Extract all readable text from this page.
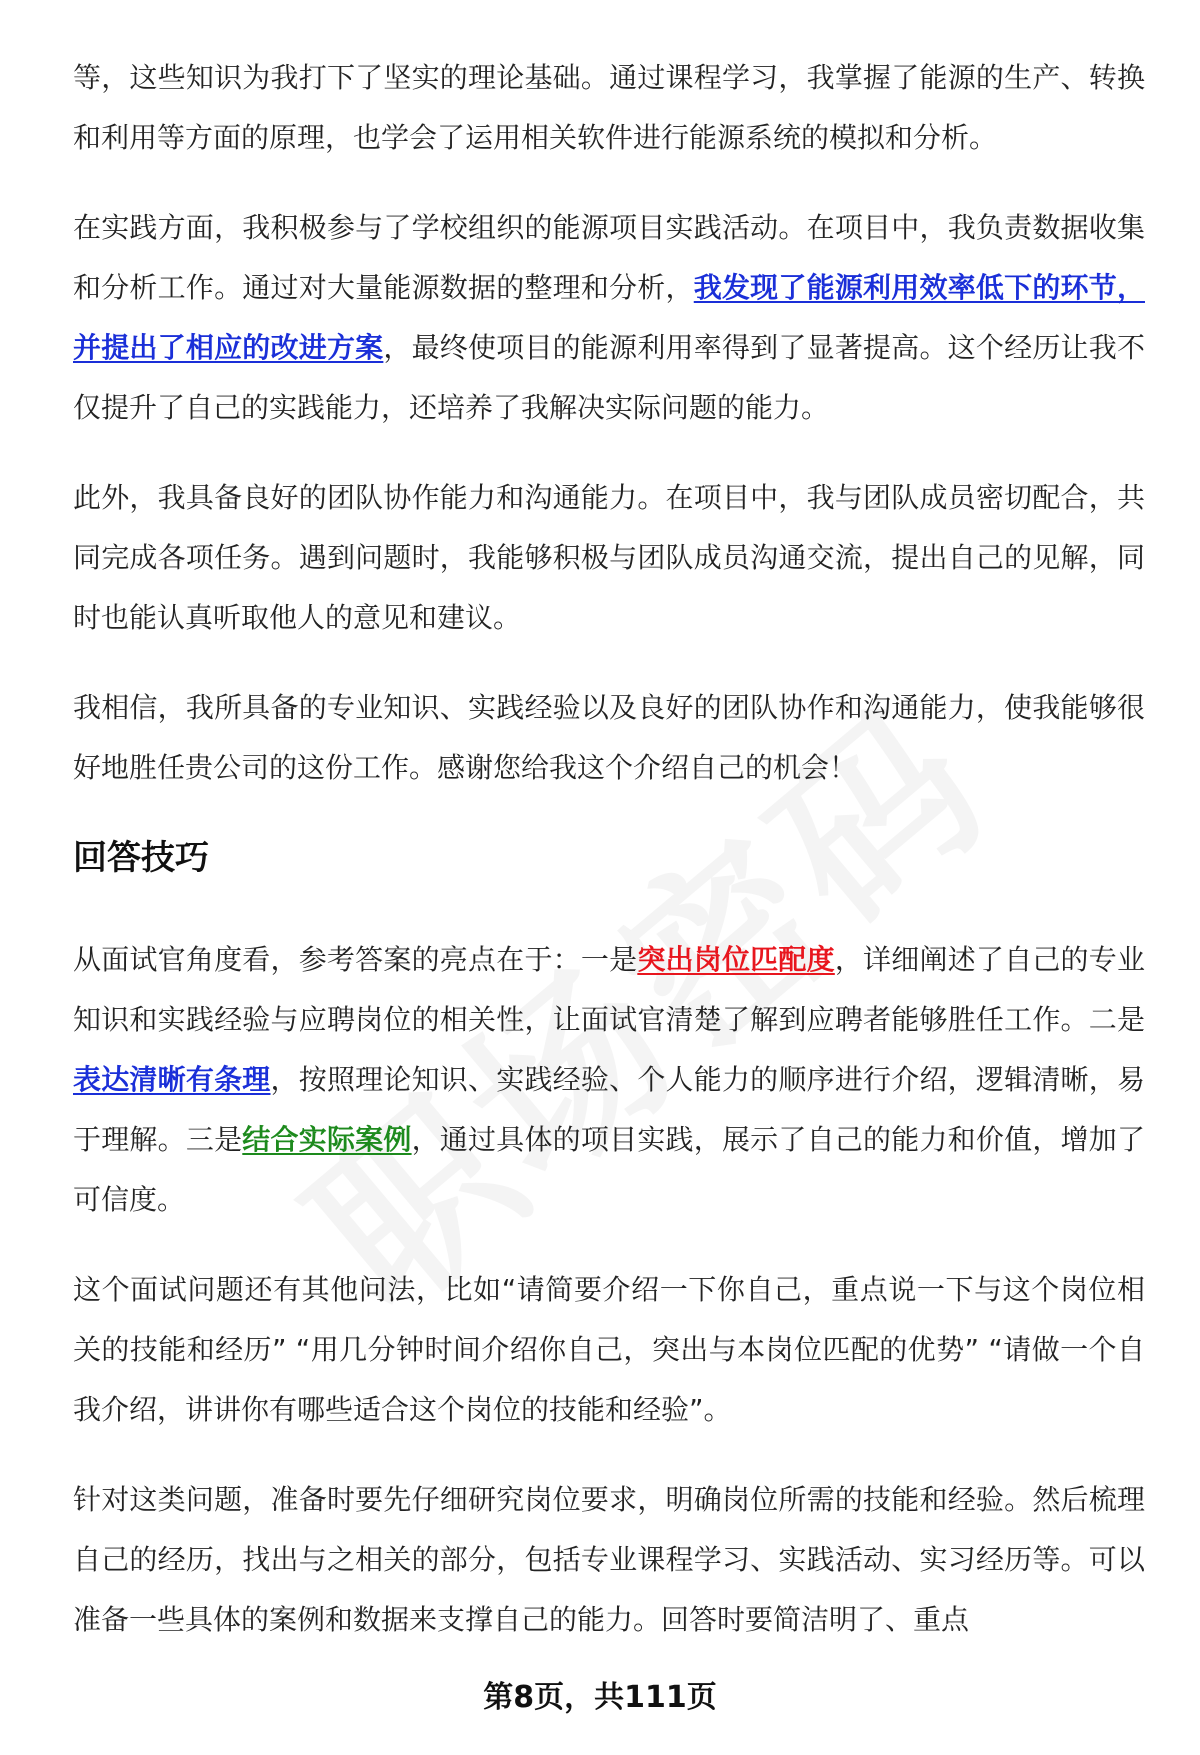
等，这些知识为我打下了坚实的理论基础。通过课程学习，我掌握了能源的生产、转换和利用等方面的原理，也学会了运用相关软件进行能源系统的模拟和分析。

在实践方面，我积极参与了学校组织的能源项目实践活动。在项目中，我负责数据收集和分析工作。通过对大量能源数据的整理和分析，我发现了能源利用效率低下的环节，并提出了相应的改进方案，最终使项目的能源利用率得到了显著提高。这个经历让我不仅提升了自己的实践能力，还培养了我解决实际问题的能力。

此外，我具备良好的团队协作能力和沟通能力。在项目中，我与团队成员密切配合，共同完成各项任务。遇到问题时，我能够积极与团队成员沟通交流，提出自己的见解，同时也能认真听取他人的意见和建议。

我相信，我所具备的专业知识、实践经验以及良好的团队协作和沟通能力，使我能够很好地胜任贵公司的这份工作。感谢您给我这个介绍自己的机会！

回答技巧

从面试官角度看，参考答案的亮点在于：一是突出岗位匹配度，详细阐述了自己的专业知识和实践经验与应聘岗位的相关性，让面试官清楚了解到应聘者能够胜任工作。二是表达清晰有条理，按照理论知识、实践经验、个人能力的顺序进行介绍，逻辑清晰，易于理解。三是结合实际案例，通过具体的项目实践，展示了自己的能力和价值，增加了可信度。

这个面试问题还有其他问法，比如“请简要介绍一下你自己，重点说一下与这个岗位相关的技能和经历” “用几分钟时间介绍你自己，突出与本岗位匹配的优势” “请做一个自我介绍，讲讲你有哪些适合这个岗位的技能和经验”。

针对这类问题，准备时要先仔细研究岗位要求，明确岗位所需的技能和经验。然后梳理自己的经历，找出与之相关的部分，包括专业课程学习、实践活动、实习经历等。可以准备一些具体的案例和数据来支撑自己的能力。回答时要简洁明了、重点

第8页，共111页
